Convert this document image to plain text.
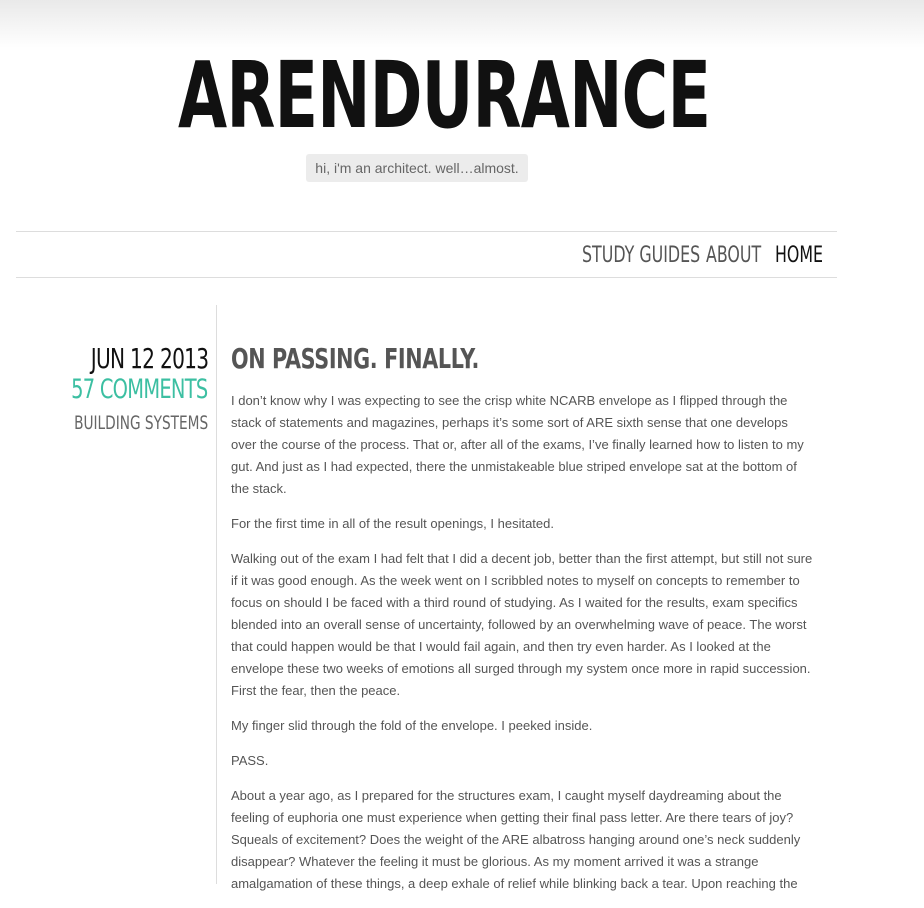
ARENDURANCE
hi, i'm an architect. well…almost.
STUDY GUIDES ABOUT HOME
JUN 12 2013
57 COMMENTS
BUILDING SYSTEMS
ON PASSING. FINALLY.

I don’t know why I was expecting to see the crisp white NCARB envelope as I flipped through the stack of statements and magazines, perhaps it’s some sort of ARE sixth sense that one develops over the course of the process. That or, after all of the exams, I’ve finally learned how to listen to my gut. And just as I had expected, there the unmistakeable blue striped envelope sat at the bottom of the stack.

For the first time in all of the result openings, I hesitated.

Walking out of the exam I had felt that I did a decent job, better than the first attempt, but still not sure if it was good enough. As the week went on I scribbled notes to myself on concepts to remember to focus on should I be faced with a third round of studying. As I waited for the results, exam specifics blended into an overall sense of uncertainty, followed by an overwhelming wave of peace. The worst that could happen would be that I would fail again, and then try even harder. As I looked at the envelope these two weeks of emotions all surged through my system once more in rapid succession. First the fear, then the peace.

My finger slid through the fold of the envelope. I peeked inside.

PASS.

About a year ago, as I prepared for the structures exam, I caught myself daydreaming about the feeling of euphoria one must experience when getting their final pass letter. Are there tears of joy? Squeals of excitement? Does the weight of the ARE albatross hanging around one’s neck suddenly disappear? Whatever the feeling it must be glorious. As my moment arrived it was a strange amalgamation of these things, a deep exhale of relief while blinking back a tear. Upon reaching the
